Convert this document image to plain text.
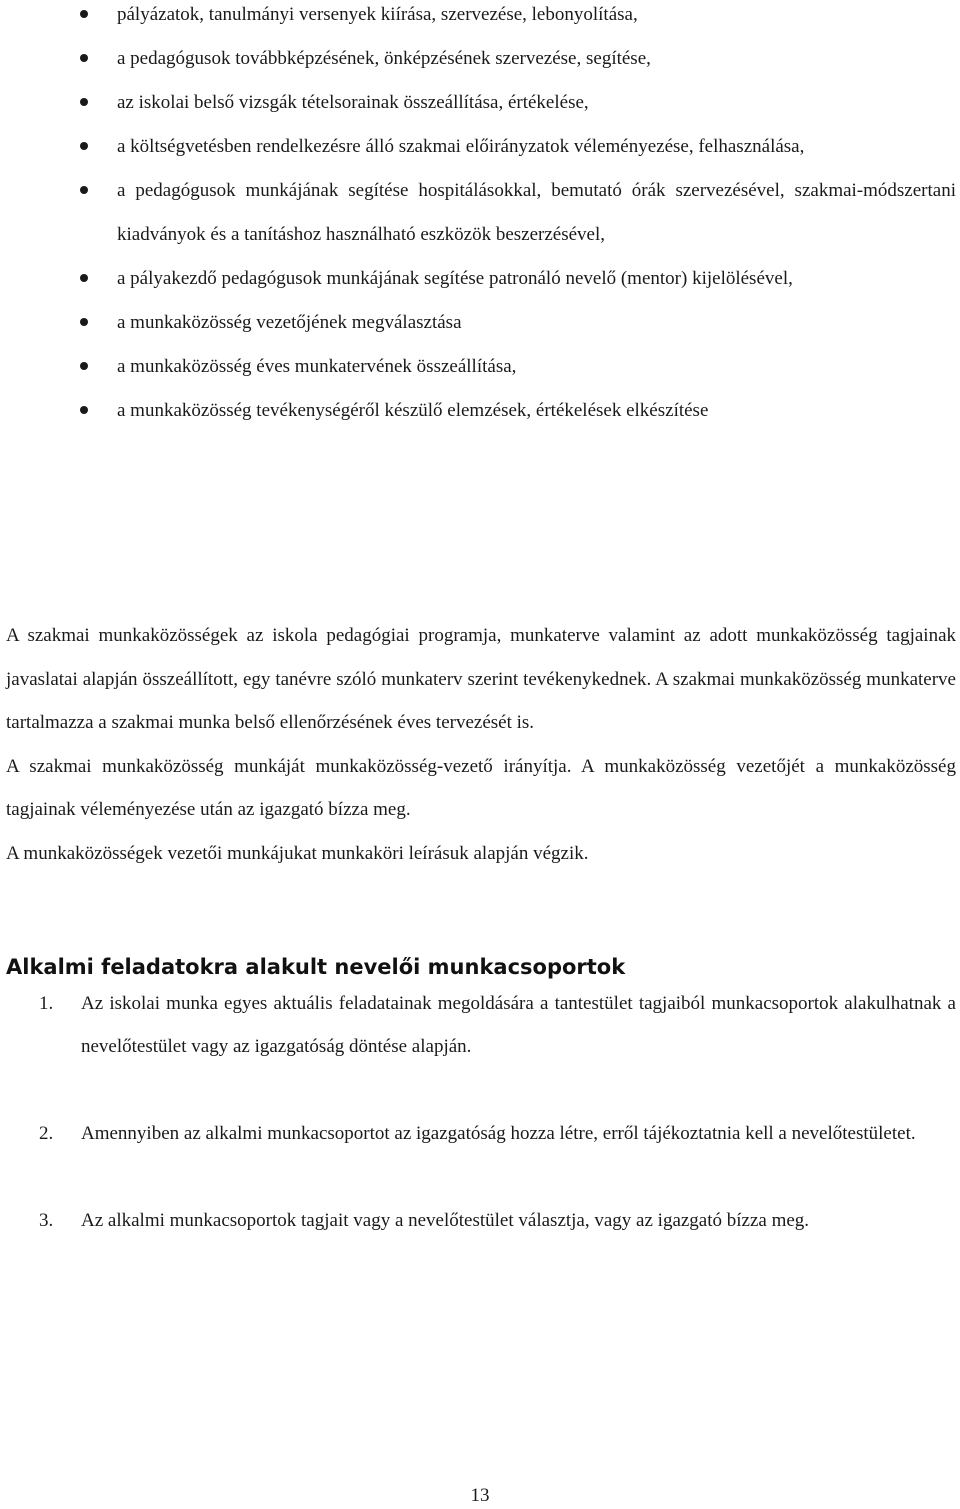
pályázatok, tanulmányi versenyek kiírása, szervezése, lebonyolítása,
a pedagógusok továbbképzésének, önképzésének szervezése, segítése,
az iskolai belső vizsgák tételsorainak összeállítása, értékelése,
a költségvetésben rendelkezésre álló szakmai előirányzatok véleményezése, felhasználása,
a pedagógusok munkájának segítése hospitálásokkal, bemutató órák szervezésével, szakmai-módszertani kiadványok és a tanításhoz használható eszközök beszerzésével,
a pályakezdő pedagógusok munkájának segítése patronáló nevelő (mentor) kijelölésével,
a munkaközösség vezetőjének megválasztása
a munkaközösség éves munkatervének összeállítása,
a munkaközösség tevékenységéről készülő elemzések, értékelések elkészítése

A szakmai munkaközösségek az iskola pedagógiai programja, munkaterve valamint az adott munkaközösség tagjainak javaslatai alapján összeállított, egy tanévre szóló munkaterv szerint tevékenykednek. A szakmai munkaközösség munkaterve tartalmazza a szakmai munka belső ellenőrzésének éves tervezését is.

A szakmai munkaközösség munkáját munkaközösség-vezető irányítja. A munkaközösség vezetőjét a munkaközösség tagjainak véleményezése után az igazgató bízza meg.

A munkaközösségek vezetői munkájukat munkaköri leírásuk alapján végzik.

Alkalmi feladatokra alakult nevelői munkacsoportok
1. Az iskolai munka egyes aktuális feladatainak megoldására a tantestület tagjaiból munkacsoportok alakulhatnak a nevelőtestület vagy az igazgatóság döntése alapján.
2. Amennyiben az alkalmi munkacsoportot az igazgatóság hozza létre, erről tájékoztatnia kell a nevelőtestületet.
3. Az alkalmi munkacsoportok tagjait vagy a nevelőtestület választja, vagy az igazgató bízza meg.
13
